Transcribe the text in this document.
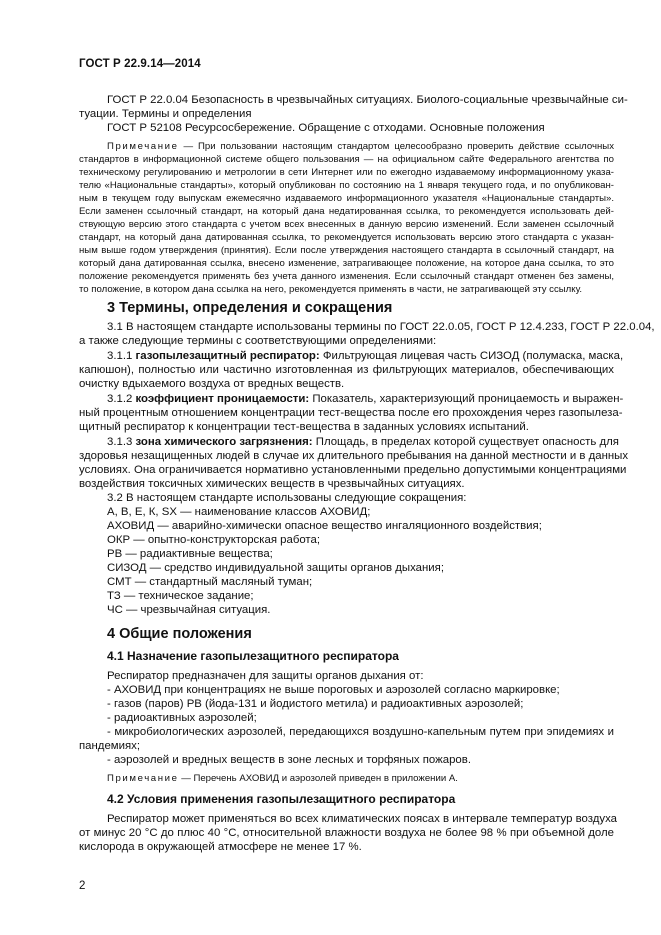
ГОСТ Р 22.9.14—2014
ГОСТ Р 22.0.04 Безопасность в чрезвычайных ситуациях. Биолого-социальные чрезвычайные си-
туации. Термины и определения
ГОСТ Р 52108 Ресурсосбережение. Обращение с отходами. Основные положения
Примечание — При пользовании настоящим стандартом целесообразно проверить действие ссылочных
стандартов в информационной системе общего пользования — на официальном сайте Федерального агентства по
техническому регулированию и метрологии в сети Интернет или по ежегодно издаваемому информационному указа-
телю «Национальные стандарты», который опубликован по состоянию на 1 января текущего года, и по опубликован-
ным в текущем году выпускам ежемесячно издаваемого информационного указателя «Национальные стандарты».
Если заменен ссылочный стандарт, на который дана недатированная ссылка, то рекомендуется использовать дей-
ствующую версию этого стандарта с учетом всех внесенных в данную версию изменений. Если заменен ссылочный
стандарт, на который дана датированная ссылка, то рекомендуется использовать версию этого стандарта с указан-
ным выше годом утверждения (принятия). Если после утверждения настоящего стандарта в ссылочный стандарт, на
который дана датированная ссылка, внесено изменение, затрагивающее положение, на которое дана ссылка, то это
положение рекомендуется применять без учета данного изменения. Если ссылочный стандарт отменен без замены,
то положение, в котором дана ссылка на него, рекомендуется применять в части, не затрагивающей эту ссылку.
3 Термины, определения и сокращения
3.1 В настоящем стандарте использованы термины по ГОСТ 22.0.05, ГОСТ Р 12.4.233, ГОСТ Р 22.0.04,
а также следующие термины с соответствующими определениями:
3.1.1 газопылезащитный респиратор: Фильтрующая лицевая часть СИЗОД (полумаска, маска,
капюшон), полностью или частично изготовленная из фильтрующих материалов, обеспечивающих
очистку вдыхаемого воздуха от вредных веществ.
3.1.2 коэффициент проницаемости: Показатель, характеризующий проницаемость и выражен-
ный процентным отношением концентрации тест-вещества после его прохождения через газопылеза-
щитный респиратор к концентрации тест-вещества в заданных условиях испытаний.
3.1.3 зона химического загрязнения: Площадь, в пределах которой существует опасность для
здоровья незащищенных людей в случае их длительного пребывания на данной местности и в данных
условиях. Она ограничивается нормативно установленными предельно допустимыми концентрациями
воздействия токсичных химических веществ в чрезвычайных ситуациях.
3.2 В настоящем стандарте использованы следующие сокращения:
А, В, Е, К, SX — наименование классов АХОВИД;
АХОВИД — аварийно-химически опасное вещество ингаляционного воздействия;
ОКР — опытно-конструкторская работа;
РВ — радиактивные вещества;
СИЗОД — средство индивидуальной защиты органов дыхания;
СМТ — стандартный масляный туман;
ТЗ — техническое задание;
ЧС — чрезвычайная ситуация.
4 Общие положения
4.1 Назначение газопылезащитного респиратора
Респиратор предназначен для защиты органов дыхания от:
- АХОВИД при концентрациях не выше пороговых и аэрозолей согласно маркировке;
- газов (паров) РВ (йода-131 и йодистого метила) и радиоактивных аэрозолей;
- радиоактивных аэрозолей;
- микробиологических аэрозолей, передающихся воздушно-капельным путем при эпидемиях и
пандемиях;
- аэрозолей и вредных веществ в зоне лесных и торфяных пожаров.
Примечание — Перечень АХОВИД и аэрозолей приведен в приложении А.
4.2 Условия применения газопылезащитного респиратора
Респиратор может применяться во всех климатических поясах в интервале температур воздуха
от минус 20 °С до плюс 40 °С, относительной влажности воздуха не более 98 % при объемной доле
кислорода в окружающей атмосфере не менее 17 %.
2
